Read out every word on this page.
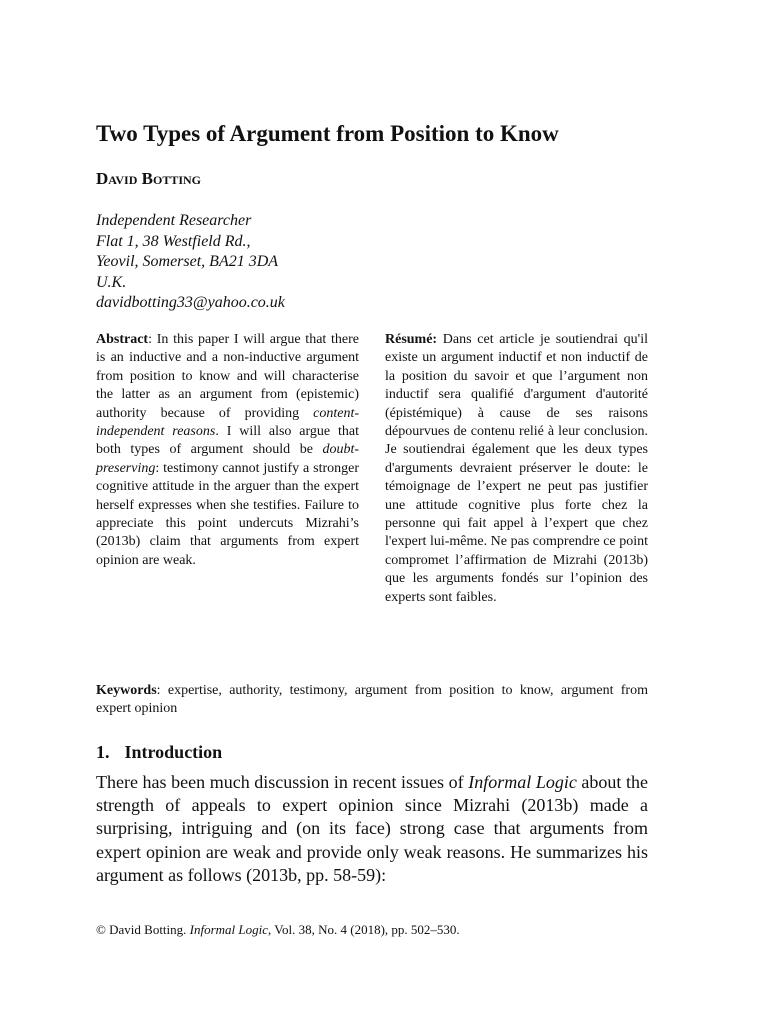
Two Types of Argument from Position to Know
David Botting
Independent Researcher
Flat 1, 38 Westfield Rd.,
Yeovil, Somerset, BA21 3DA
U.K.
davidbotting33@yahoo.co.uk
Abstract: In this paper I will argue that there is an inductive and a non-inductive argument from position to know and will characterise the latter as an argument from (epistemic) authority because of providing content-independent reasons. I will also argue that both types of argument should be doubt-preserving: testimony cannot justify a stronger cognitive attitude in the arguer than the expert herself expresses when she testifies. Failure to appreciate this point undercuts Mizrahi’s (2013b) claim that arguments from expert opinion are weak.
Résumé: Dans cet article je soutiendrai qu'il existe un argument inductif et non inductif de la position du savoir et que l’argument non inductif sera qualifié d'argument d'autorité (épistémique) à cause de ses raisons dépourvues de contenu relié à leur conclusion. Je soutiendrai également que les deux types d'arguments devraient préserver le doute: le témoignage de l’expert ne peut pas justifier une attitude cognitive plus forte chez la personne qui fait appel à l’expert que chez l'expert lui-même. Ne pas comprendre ce point compromet l’affirmation de Mizrahi (2013b) que les arguments fondés sur l’opinion des experts sont faibles.
Keywords: expertise, authority, testimony, argument from position to know, argument from expert opinion
1. Introduction
There has been much discussion in recent issues of Informal Logic about the strength of appeals to expert opinion since Mizrahi (2013b) made a surprising, intriguing and (on its face) strong case that arguments from expert opinion are weak and provide only weak reasons. He summarizes his argument as follows (2013b, pp. 58-59):
© David Botting. Informal Logic, Vol. 38, No. 4 (2018), pp. 502–530.
